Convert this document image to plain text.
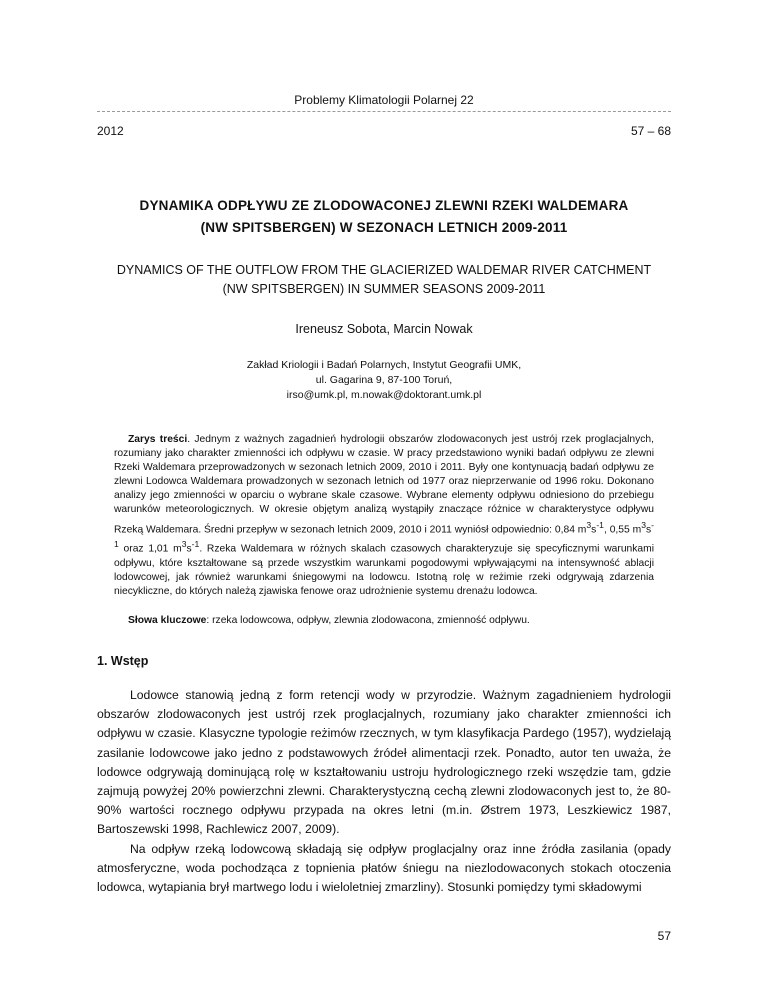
Problemy Klimatologii Polarnej 22
2012	57 – 68
DYNAMIKA ODPŁYWU ZE ZLODOWACONEJ ZLEWNI RZEKI WALDEMARA
(NW SPITSBERGEN) W SEZONACH LETNICH 2009-2011
DYNAMICS OF THE OUTFLOW FROM THE GLACIERIZED WALDEMAR RIVER CATCHMENT
(NW SPITSBERGEN) IN SUMMER SEASONS 2009-2011
Ireneusz Sobota, Marcin Nowak
Zakład Kriologii i Badań Polarnych, Instytut Geografii UMK,
ul. Gagarina 9, 87-100 Toruń,
irso@umk.pl, m.nowak@doktorant.umk.pl
Zarys treści. Jednym z ważnych zagadnień hydrologii obszarów zlodowaconych jest ustrój rzek proglacjalnych, rozumiany jako charakter zmienności ich odpływu w czasie. W pracy przedstawiono wyniki badań odpływu ze zlewni Rzeki Waldemara przeprowadzonych w sezonach letnich 2009, 2010 i 2011. Były one kontynuacją badań odpływu ze zlewni Lodowca Waldemara prowadzonych w sezonach letnich od 1977 oraz nieprzerwanie od 1996 roku. Dokonano analizy jego zmienności w oparciu o wybrane skale czasowe. Wybrane elementy odpływu odniesiono do przebiegu warunków meteorologicznych. W okresie objętym analizą wystąpiły znaczące różnice w charakterystyce odpływu Rzeką Waldemara. Średni przepływ w sezonach letnich 2009, 2010 i 2011 wyniósł odpowiednio: 0,84 $m^3s^{-1}$, 0,55 $m^3s^{-1}$ oraz 1,01 $m^3s^{-1}$. Rzeka Waldemara w różnych skalach czasowych charakteryzuje się specyficznymi warunkami odpływu, które kształtowane są przede wszystkim warunkami pogodowymi wpływającymi na intensywność ablacji lodowcowej, jak również warunkami śniegowymi na lodowcu. Istotną rolę w reżimie rzeki odgrywają zdarzenia niecykliczne, do których należą zjawiska fenowe oraz udrożnienie systemu drenażu lodowca.
Słowa kluczowe: rzeka lodowcowa, odpływ, zlewnia zlodowacona, zmienność odpływu.
1. Wstęp

Lodowce stanowią jedną z form retencji wody w przyrodzie. Ważnym zagadnieniem hydrologii obszarów zlodowaconych jest ustrój rzek proglacjalnych, rozumiany jako charakter zmienności ich odpływu w czasie. Klasyczne typologie reżimów rzecznych, w tym klasyfikacja Pardego (1957), wydzielają zasilanie lodowcowe jako jedno z podstawowych źródeł alimentacji rzek. Ponadto, autor ten uważa, że lodowce odgrywają dominującą rolę w kształtowaniu ustroju hydrologicznego rzeki wszędzie tam, gdzie zajmują powyżej 20% powierzchni zlewni. Charakterystyczną cechą zlewni zlodowaconych jest to, że 80-90% wartości rocznego odpływu przypada na okres letni (m.in. Østrem 1973, Leszkiewicz 1987, Bartoszewski 1998, Rachlewicz 2007, 2009).

Na odpływ rzeką lodowcową składają się odpływ proglacjalny oraz inne źródła zasilania (opady atmosferyczne, woda pochodząca z topnienia płatów śniegu na niezlodowaconych stokach otoczenia lodowca, wytapiania brył martwego lodu i wieloletniej zmarzliny). Stosunki pomiędzy tymi składowymi

57
